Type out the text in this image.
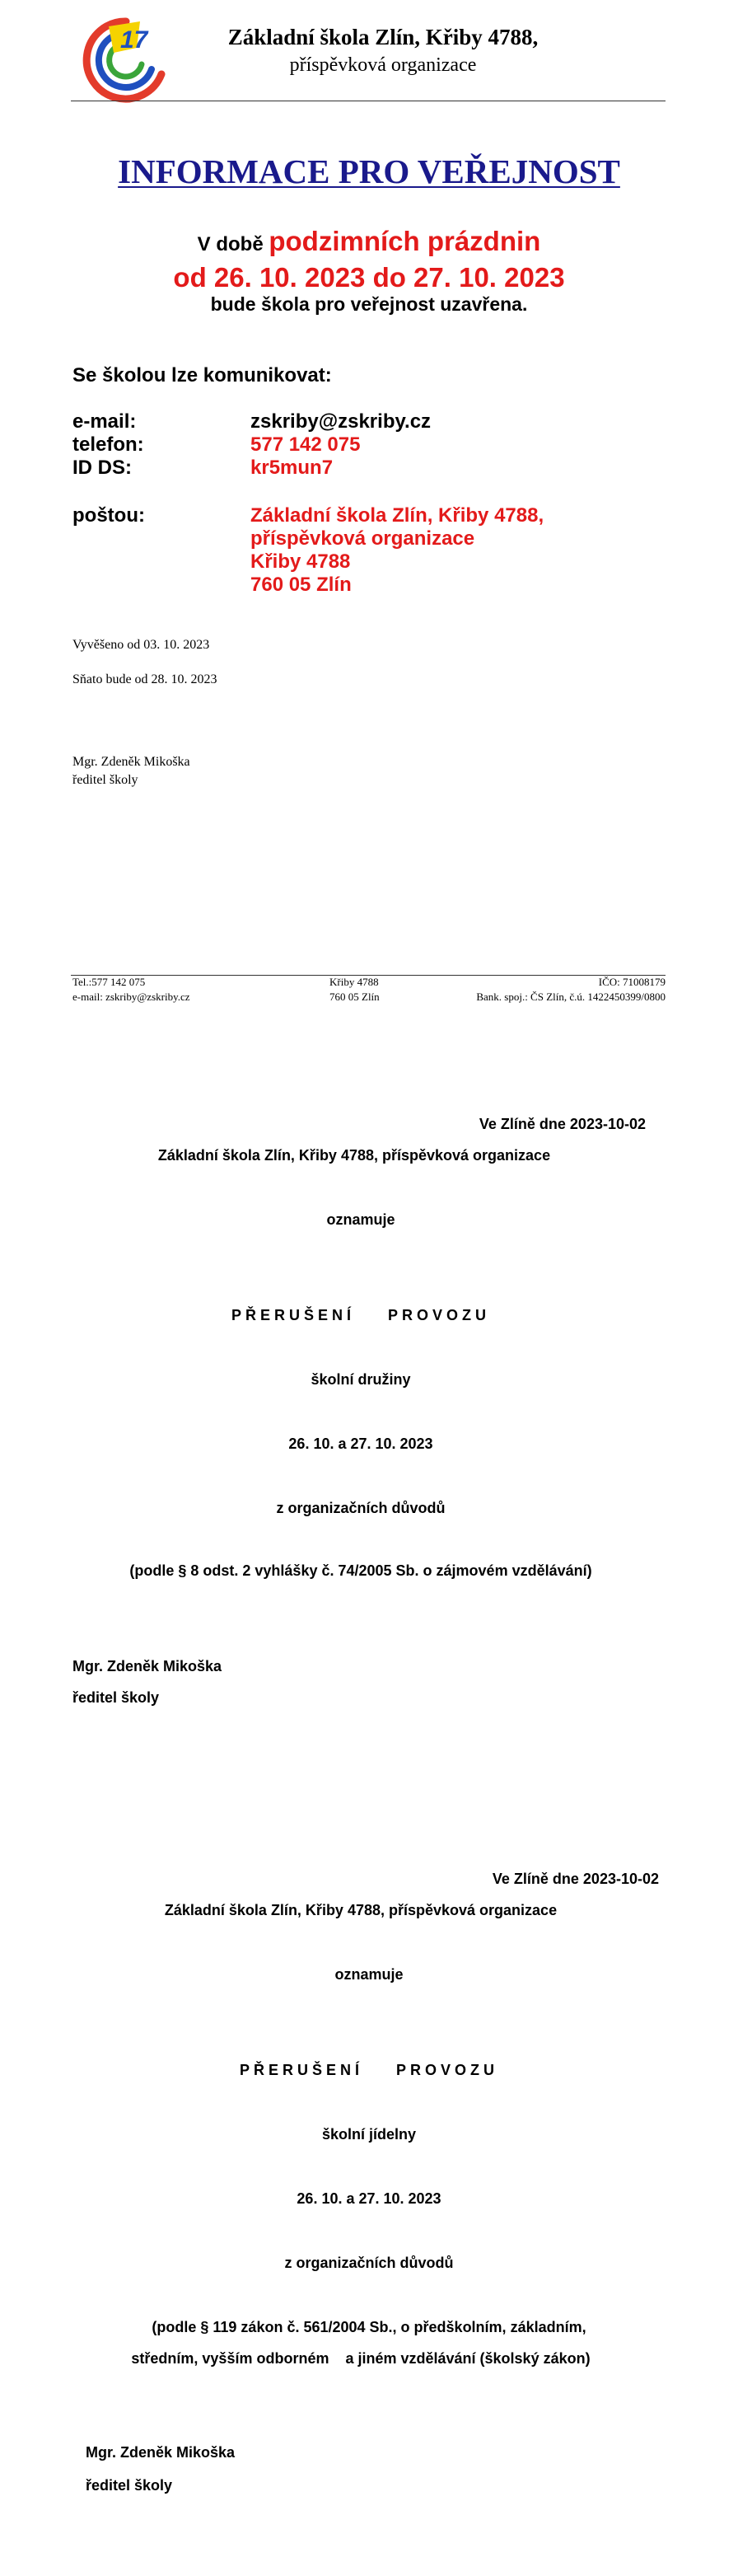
17	Základní škola Zlín, Křiby 4788,
příspěvková organizace
INFORMACE PRO VEŘEJNOST
V době podzimních prázdnin
od 26. 10. 2023 do 27. 10. 2023
bude škola pro veřejnost uzavřena.
Se školou lze komunikovat:
e-mail:	zskriby@zskriby.cz
telefon:	577 142 075
ID DS:	kr5mun7
poštou:	Základní škola Zlín, Křiby 4788,
příspěvková organizace
Křiby 4788
760 05 Zlín
Vyvěšeno od 03. 10. 2023
Sňato bude od 28. 10. 2023
Mgr. Zdeněk Mikoška
ředitel školy
Tel.:577 142 075
e-mail: zskriby@zskriby.cz
Křiby 4788
760 05 Zlín
IČO: 71008179
Bank. spoj.: ČS Zlín, č.ú. 1422450399/0800
Ve Zlíně dne 2023-10-02
Základní škola Zlín, Křiby 4788, příspěvková organizace
oznamuje
PŘERUŠENÍ    PROVOZU
školní družiny
26. 10. a 27. 10. 2023
z organizačních důvodů
(podle § 8 odst. 2 vyhlášky č. 74/2005 Sb. o zájmovém vzdělávání)
Mgr. Zdeněk Mikoška
ředitel školy
Ve Zlíně dne 2023-10-02
Základní škola Zlín, Křiby 4788, příspěvková organizace
oznamuje
PŘERUŠENÍ    PROVOZU
školní jídelny
26. 10. a 27. 10. 2023
z organizačních důvodů
(podle § 119 zákon č. 561/2004 Sb., o předškolním, základním,
středním, vyšším odborném    a jiném vzdělávání (školský zákon)
Mgr. Zdeněk Mikoška
ředitel školy
